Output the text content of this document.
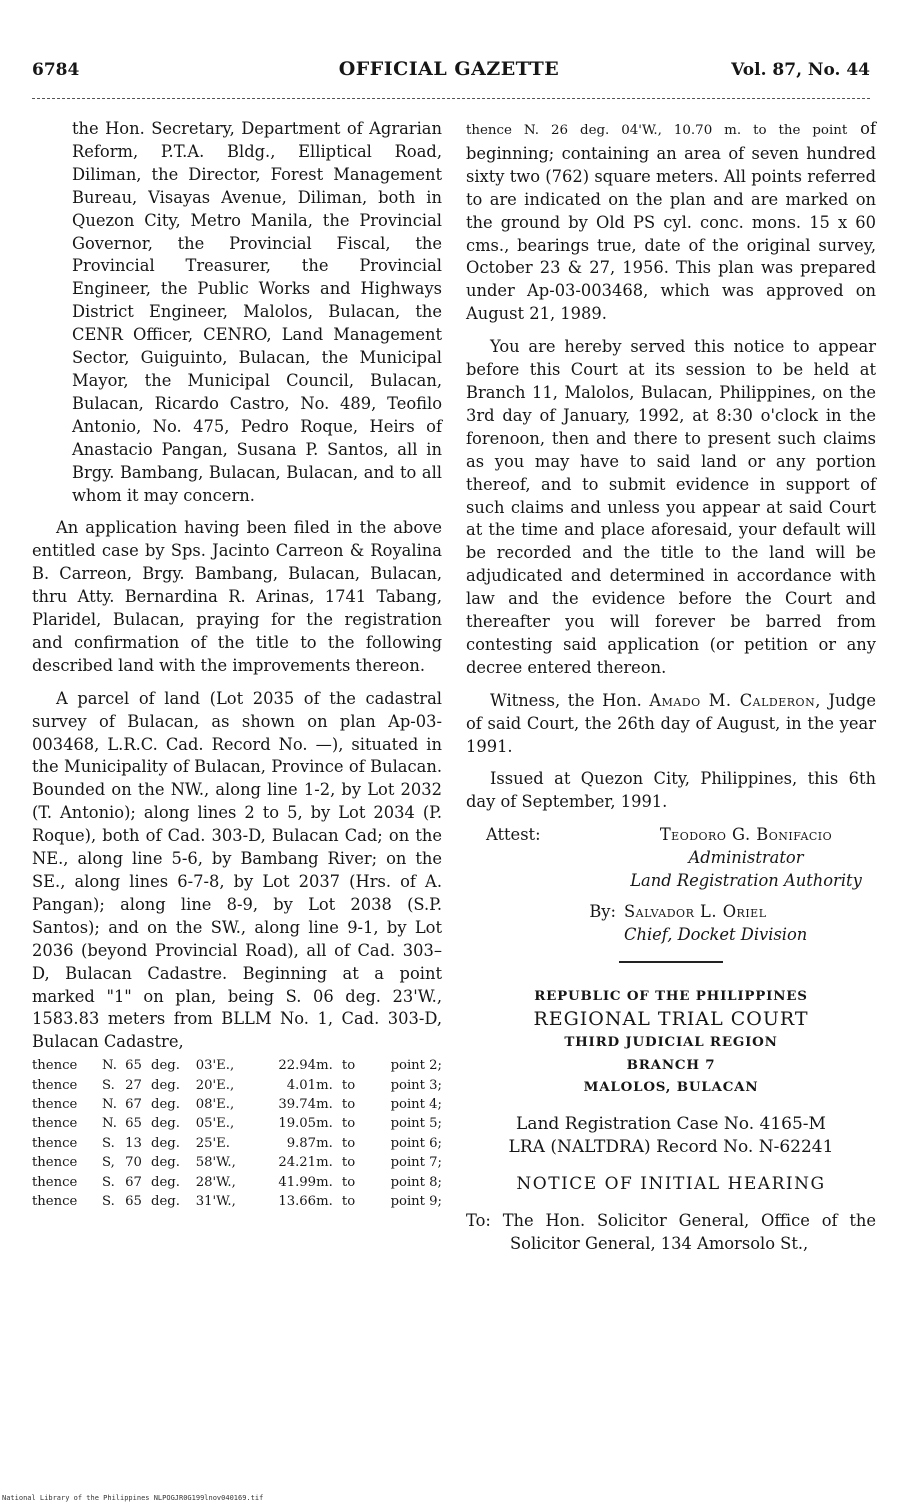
6784	OFFICIAL GAZETTE	Vol. 87, No. 44

the Hon. Secretary, Department of Agrarian Reform, P.T.A. Bldg., Elliptical Road, Diliman, the Director, Forest Management Bureau, Visayas Avenue, Diliman, both in Quezon City, Metro Manila, the Provincial Governor, the Provincial Fiscal, the Provincial Treasurer, the Provincial Engineer, the Public Works and Highways District Engineer, Malolos, Bulacan, the CENR Officer, CENRO, Land Management Sector, Guiguinto, Bulacan, the Municipal Mayor, the Municipal Council, Bulacan, Bulacan, Ricardo Castro, No. 489, Teofilo Antonio, No. 475, Pedro Roque, Heirs of Anastacio Pangan, Susana P. Santos, all in Brgy. Bambang, Bulacan, Bulacan, and to all whom it may concern.

An application having been filed in the above entitled case by Sps. Jacinto Carreon & Royalina B. Carreon, Brgy. Bambang, Bulacan, Bulacan, thru Atty. Bernardina R. Arinas, 1741 Tabang, Plaridel, Bulacan, praying for the registration and confirmation of the title to the following described land with the improvements thereon.

A parcel of land (Lot 2035 of the cadastral survey of Bulacan, as shown on plan Ap-03-003468, L.R.C. Cad. Record No. —), situated in the Municipality of Bulacan, Province of Bulacan. Bounded on the NW., along line 1-2, by Lot 2032 (T. Antonio); along lines 2 to 5, by Lot 2034 (P. Roque), both of Cad. 303-D, Bulacan Cad; on the NE., along line 5-6, by Bambang River; on the SE., along lines 6-7-8, by Lot 2037 (Hrs. of A. Pangan); along line 8-9, by Lot 2038 (S.P. Santos); and on the SW., along line 9-1, by Lot 2036 (beyond Provincial Road), all of Cad. 303–D, Bulacan Cadastre. Beginning at a point marked "1" on plan, being S. 06 deg. 23'W., 1583.83 meters from BLLM No. 1, Cad. 303-D, Bulacan Cadastre,

thence	N.	65	deg.	03'E.,	22.94	m.	to	point 2;
thence	S.	27	deg.	20'E.,	4.01	m.	to	point 3;
thence	N.	67	deg.	08'E.,	39.74	m.	to	point 4;
thence	N.	65	deg.	05'E.,	19.05	m.	to	point 5;
thence	S.	13	deg.	25'E.	9.87	m.	to	point 6;
thence	S,	70	deg.	58'W.,	24.21	m.	to	point 7;
thence	S.	67	deg.	28'W.,	41.99	m.	to	point 8;
thence	S.	65	deg.	31'W.,	13.66	m.	to	point 9;

thence N. 26 deg. 04'W., 10.70 m. to the point of beginning; containing an area of seven hundred sixty two (762) square meters. All points referred to are indicated on the plan and are marked on the ground by Old PS cyl. conc. mons. 15 x 60 cms., bearings true, date of the original survey, October 23 & 27, 1956. This plan was prepared under Ap-03-003468, which was approved on August 21, 1989.

You are hereby served this notice to appear before this Court at its session to be held at Branch 11, Malolos, Bulacan, Philippines, on the 3rd day of January, 1992, at 8:30 o'clock in the forenoon, then and there to present such claims as you may have to said land or any portion thereof, and to submit evidence in support of such claims and unless you appear at said Court at the time and place aforesaid, your default will be recorded and the title to the land will be adjudicated and determined in accordance with law and the evidence before the Court and thereafter you will forever be barred from contesting said application (or petition or any decree entered thereon.

Witness, the Hon. Amado M. Calderon, Judge of said Court, the 26th day of August, in the year 1991.

Issued at Quezon City, Philippines, this 6th day of September, 1991.

Attest:	Teodoro G. Bonifacio
Administrator
Land Registration Authority
By: Salvador L. Oriel
Chief, Docket Division
REPUBLIC OF THE PHILIPPINES
REGIONAL TRIAL COURT
THIRD JUDICIAL REGION
BRANCH 7
MALOLOS, BULACAN
Land Registration Case No. 4165-M
LRA (NALTDRA) Record No. N-62241
NOTICE OF INITIAL HEARING

To: The Hon. Solicitor General, Office of the Solicitor General, 134 Amorsolo St.,

National Library of the Philippines NLPOGJR0G199lnov040169.tif
